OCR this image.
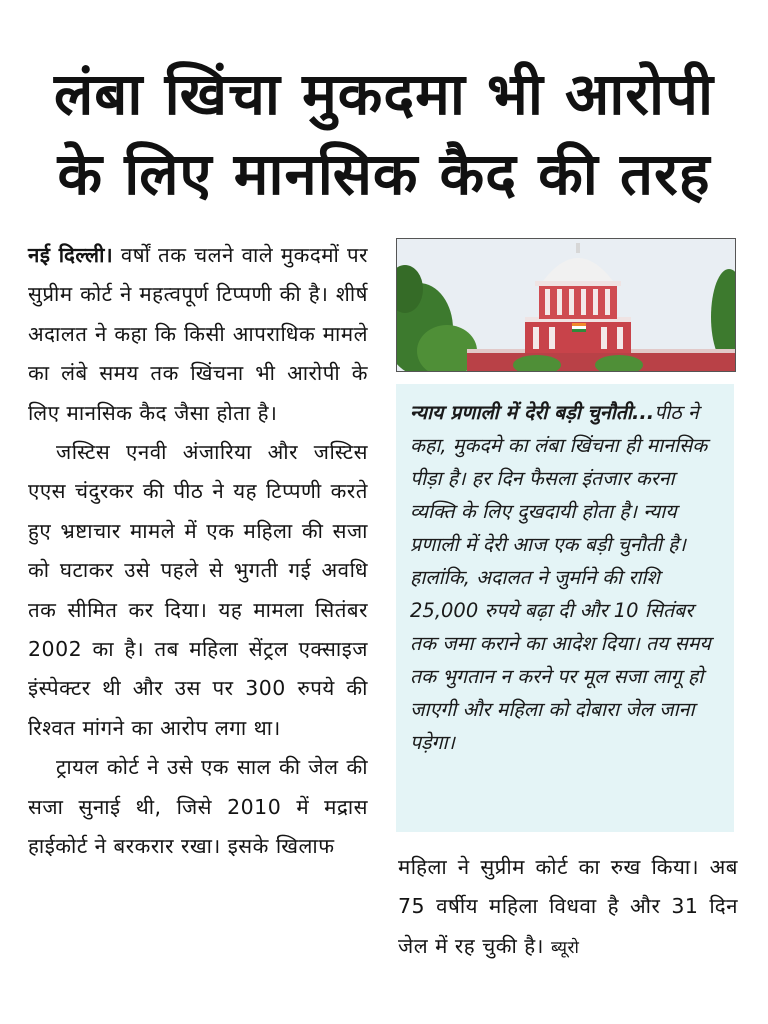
लंबा खिंचा मुकदमा भी आरोपी
के लिए मानसिक कैद की तरह

नई दिल्ली। वर्षों तक चलने वाले मुकदमों पर सुप्रीम कोर्ट ने महत्वपूर्ण टिप्पणी की है। शीर्ष अदालत ने कहा कि किसी आपराधिक मामले का लंबे समय तक खिंचना भी आरोपी के लिए मानसिक कैद जैसा होता है।

जस्टिस एनवी अंजारिया और जस्टिस एएस चंदुरकर की पीठ ने यह टिप्पणी करते हुए भ्रष्टाचार मामले में एक महिला की सजा को घटाकर उसे पहले से भुगती गई अवधि तक सीमित कर दिया। यह मामला सितंबर 2002 का है। तब महिला सेंट्रल एक्साइज इंस्पेक्टर थी और उस पर 300 रुपये की रिश्वत मांगने का आरोप लगा था।

ट्रायल कोर्ट ने उसे एक साल की जेल की सजा सुनाई थी, जिसे 2010 में मद्रास हाईकोर्ट ने बरकरार रखा। इसके खिलाफ

न्याय प्रणाली में देरी बड़ी चुनौती...पीठ ने कहा, मुकदमे का लंबा खिंचना ही मानसिक पीड़ा है। हर दिन फैसला इंतजार करना व्यक्ति के लिए दुखदायी होता है। न्याय प्रणाली में देरी आज एक बड़ी चुनौती है। हालांकि, अदालत ने जुर्माने की राशि 25,000 रुपये बढ़ा दी और 10 सितंबर तक जमा कराने का आदेश दिया। तय समय तक भुगतान न करने पर मूल सजा लागू हो जाएगी और महिला को दोबारा जेल जाना पड़ेगा।

महिला ने सुप्रीम कोर्ट का रुख किया। अब 75 वर्षीय महिला विधवा है और 31 दिन जेल में रह चुकी है। ब्यूरो
